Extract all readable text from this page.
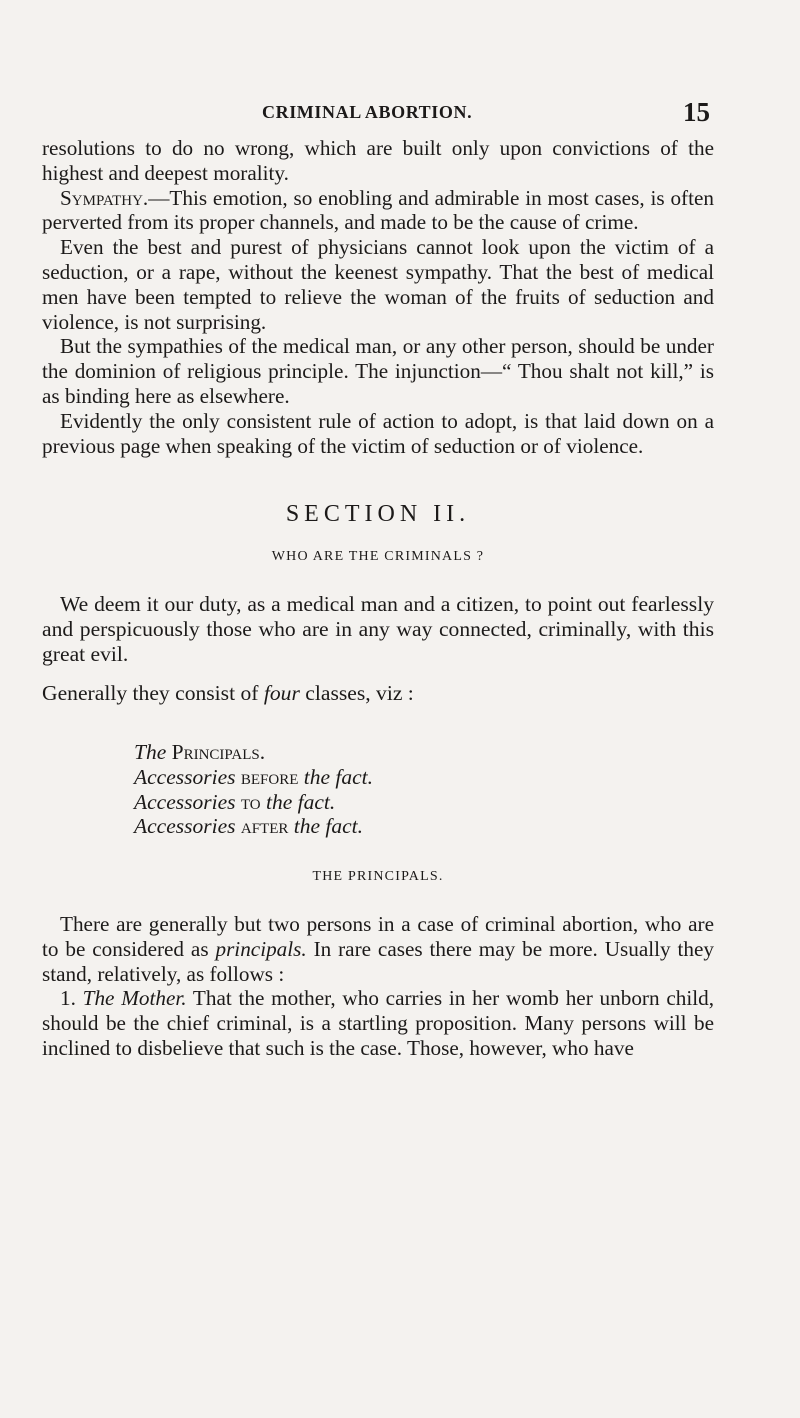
CRIMINAL ABORTION.	15

resolutions to do no wrong, which are built only upon convictions of the highest and deepest morality.

Sympathy.—This emotion, so enobling and admirable in most cases, is often perverted from its proper channels, and made to be the cause of crime.

Even the best and purest of physicians cannot look upon the victim of a seduction, or a rape, without the keenest sympathy. That the best of medical men have been tempted to relieve the woman of the fruits of seduction and violence, is not surprising.

But the sympathies of the medical man, or any other person, should be under the dominion of religious principle. The injunction—“ Thou shalt not kill,” is as binding here as elsewhere.

Evidently the only consistent rule of action to adopt, is that laid down on a previous page when speaking of the victim of seduction or of violence.

SECTION II.
WHO ARE THE CRIMINALS ?

We deem it our duty, as a medical man and a citizen, to point out fearlessly and perspicuously those who are in any way connected, criminally, with this great evil.

Generally they consist of four classes, viz :

The Principals.
Accessories before the fact.
Accessories to the fact.
Accessories after the fact.
THE PRINCIPALS.

There are generally but two persons in a case of criminal abortion, who are to be considered as principals. In rare cases there may be more. Usually they stand, relatively, as follows :

1. The Mother. That the mother, who carries in her womb her unborn child, should be the chief criminal, is a startling proposition. Many persons will be inclined to disbelieve that such is the case. Those, however, who have
